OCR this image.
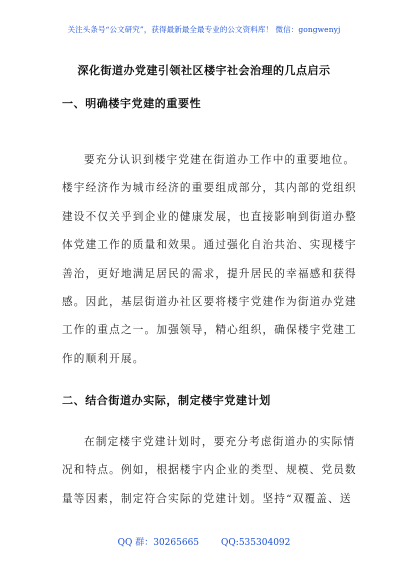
关注头条号“公文研究”，获得最新最全最专业的公文资料库！ 微信：gongwenyj
深化街道办党建引领社区楼宇社会治理的几点启示
一、明确楼宇党建的重要性
要充分认识到楼宇党建在街道办工作中的重要地位。
楼宇经济作为城市经济的重要组成部分，其内部的党组织
建设不仅关乎到企业的健康发展，也直接影响到街道办整
体党建工作的质量和效果。通过强化自治共治、实现楼宇
善治，更好地满足居民的需求，提升居民的幸福感和获得
感。因此，基层街道办社区要将楼宇党建作为街道办党建
工作的重点之一。加强领导，精心组织，确保楼宇党建工
作的顺利开展。
二、结合街道办实际，制定楼宇党建计划
在制定楼宇党建计划时，要充分考虑街道办的实际情
况和特点。例如，根据楼宇内企业的类型、规模、党员数
量等因素，制定符合实际的党建计划。坚持“双覆盖、送
QQ 群：30265665 QQ:535304092
